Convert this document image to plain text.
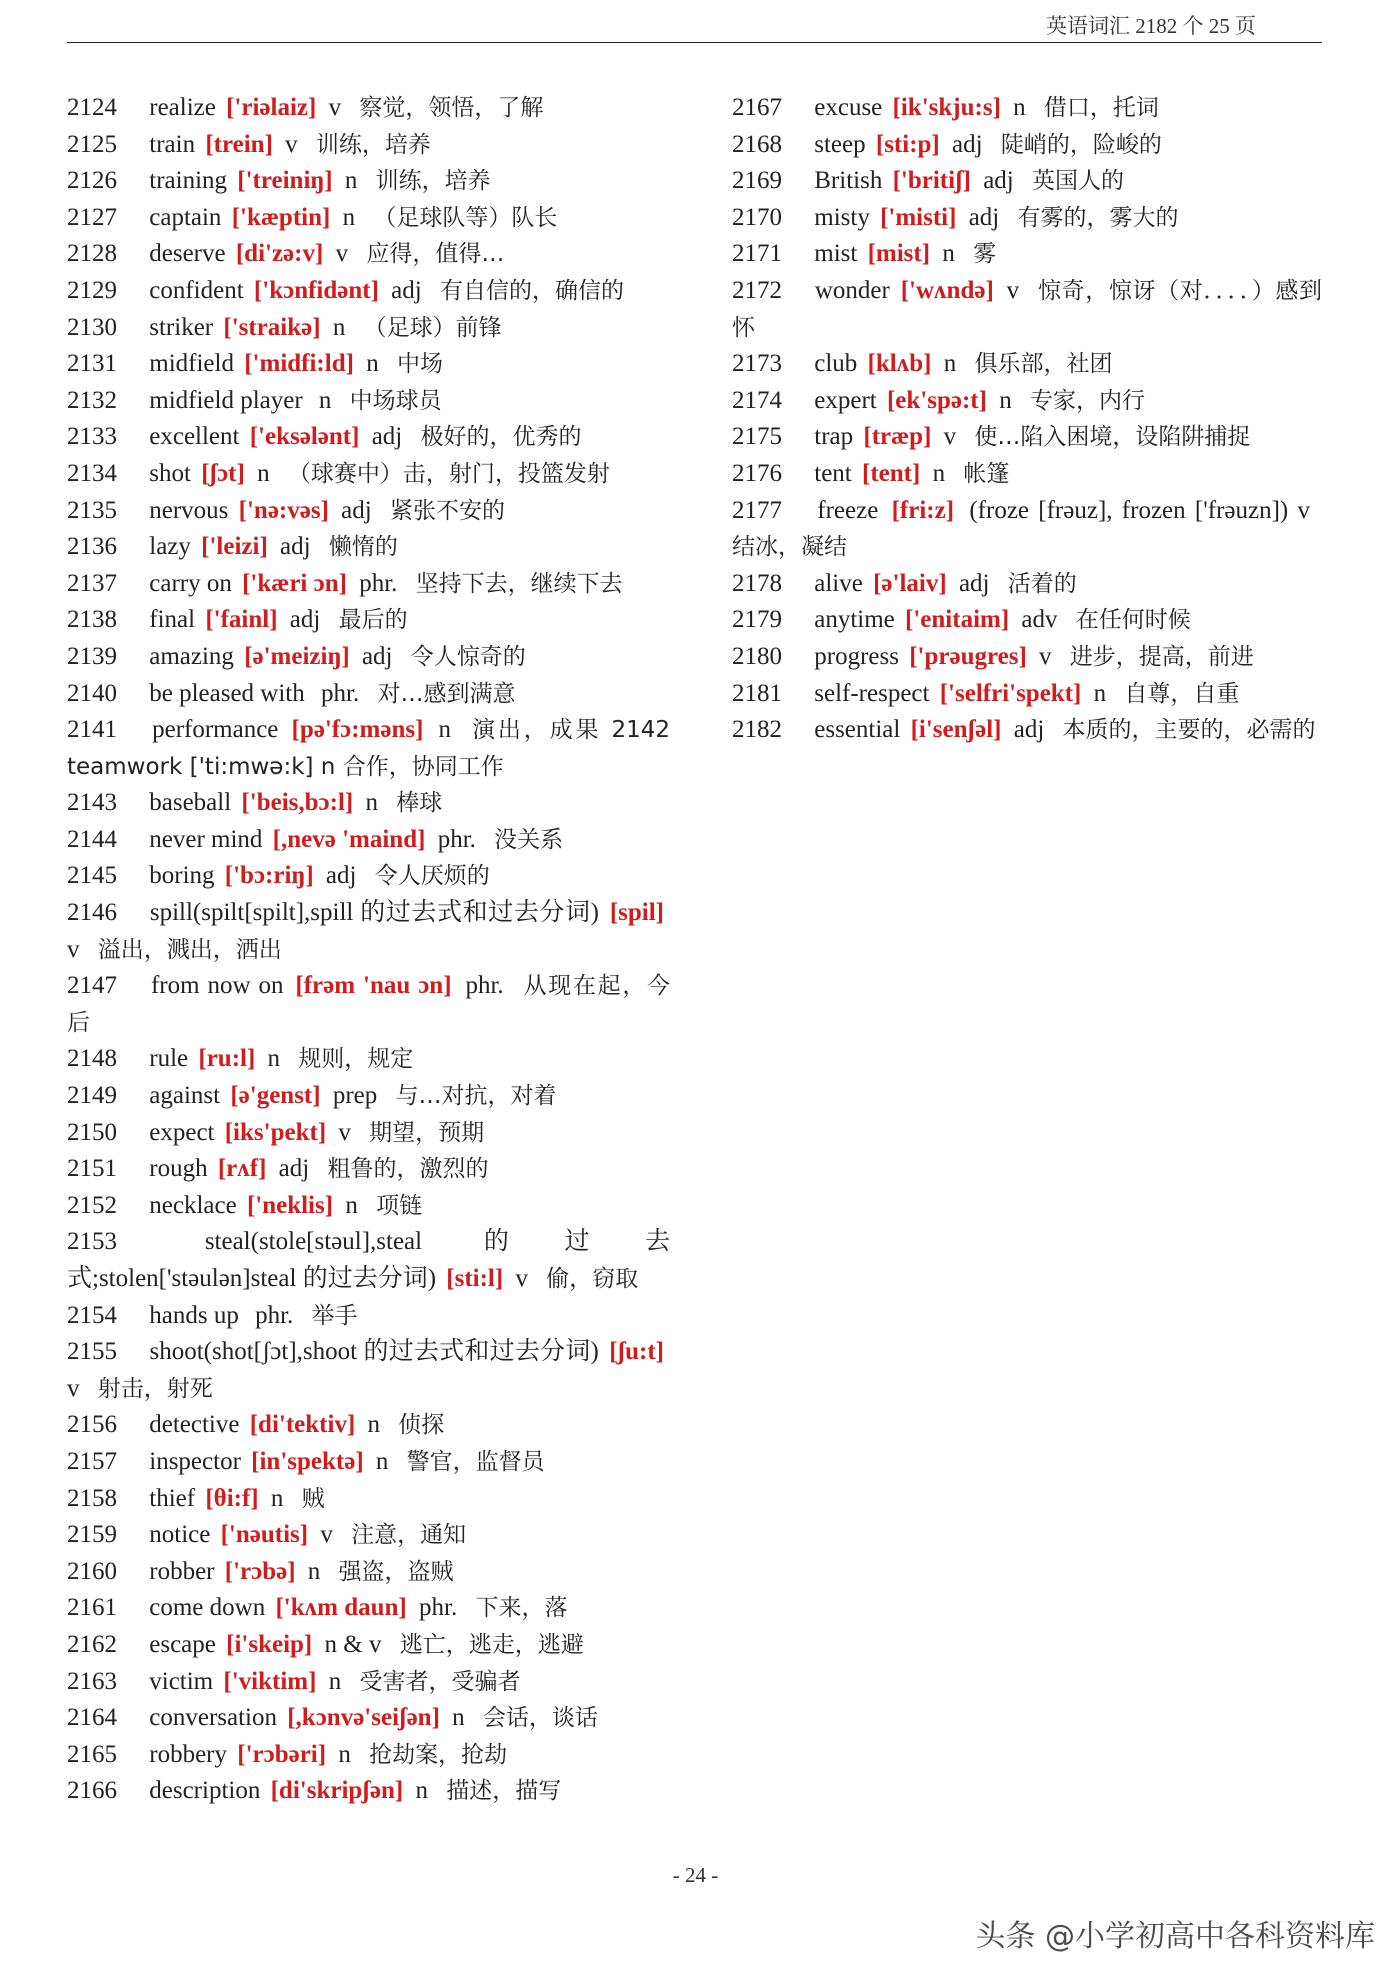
英语词汇 2182 个 25 页

2124 realize ['riəlaiz] v 察觉，领悟，了解

2125 train [trein] v 训练，培养

2126 training ['treiniŋ] n 训练，培养

2127 captain ['kæptin] n （足球队等）队长

2128 deserve [di'zə:v] v 应得，值得…

2129 confident ['kɔnfidənt] adj 有自信的，确信的

2130 striker ['straikə] n （足球）前锋

2131 midfield ['midfi:ld] n 中场

2132 midfield player n 中场球员

2133 excellent ['eksələnt] adj 极好的，优秀的

2134 shot [ʃɔt] n （球赛中）击，射门，投篮发射

2135 nervous ['nə:vəs] adj 紧张不安的

2136 lazy ['leizi] adj 懒惰的

2137 carry on ['kæri ɔn] phr. 坚持下去，继续下去

2138 final ['fainl] adj 最后的

2139 amazing [ə'meiziŋ] adj 令人惊奇的

2140 be pleased with phr. 对…感到满意

2141 performance [pə'fɔ:məns] n 演出，成果 2142 teamwork ['ti:mwə:k] n 合作，协同工作

2143 baseball ['beis,bɔ:l] n 棒球

2144 never mind [,nevə 'maind] phr. 没关系

2145 boring ['bɔ:riŋ] adj 令人厌烦的

2146 spill(spilt[spilt],spill 的过去式和过去分词) [spil] v 溢出，溅出，洒出

2147 from now on [frəm 'nau ɔn] phr. 从现在起，今后

2148 rule [ru:l] n 规则，规定

2149 against [ə'genst] prep 与…对抗，对着

2150 expect [iks'pekt] v 期望，预期

2151 rough [rʌf] adj 粗鲁的，激烈的

2152 necklace ['neklis] n 项链

2153	steal(stole[stəul],steal 的过去式;stolen['stəulən]steal 的过去分词) [sti:l] v 偷，窃取

2154 hands up phr. 举手

2155 shoot(shot[ʃɔt],shoot 的过去式和过去分词) [ʃu:t] v 射击，射死

2156 detective [di'tektiv] n 侦探

2157 inspector [in'spektə] n 警官，监督员

2158 thief [θi:f] n 贼

2159 notice ['nəutis] v 注意，通知

2160 robber ['rɔbə] n 强盗，盗贼

2161 come down ['kʌm daun] phr. 下来，落

2162 escape [i'skeip] n & v 逃亡，逃走，逃避

2163 victim ['viktim] n 受害者，受骗者

2164 conversation [,kɔnvə'seiʃən] n 会话，谈话

2165 robbery ['rɔbəri] n 抢劫案，抢劫

2166 description [di'skripʃən] n 描述，描写

2167 excuse [ik'skju:s] n 借口，托词

2168 steep [sti:p] adj 陡峭的，险峻的

2169 British ['britiʃ] adj 英国人的

2170 misty ['misti] adj 有雾的，雾大的

2171 mist [mist] n 雾

2172 wonder ['wʌndə] v 惊奇，惊讶（对．．．．）感到怀

2173 club [klʌb] n 俱乐部，社团

2174 expert [ek'spə:t] n 专家，内行

2175 trap [træp] v 使…陷入困境，设陷阱捕捉

2176 tent [tent] n 帐篷

2177 freeze [fri:z] (froze [frəuz], frozen ['frəuzn]) v 结冰，凝结

2178 alive [ə'laiv] adj 活着的

2179 anytime ['enitaim] adv 在任何时候

2180 progress ['prəugres] v 进步，提高，前进

2181 self-respect ['selfri'spekt] n 自尊，自重

2182 essential [i'senʃəl] adj 本质的，主要的，必需的

- 24 -
头条 @小学初高中各科资料库
